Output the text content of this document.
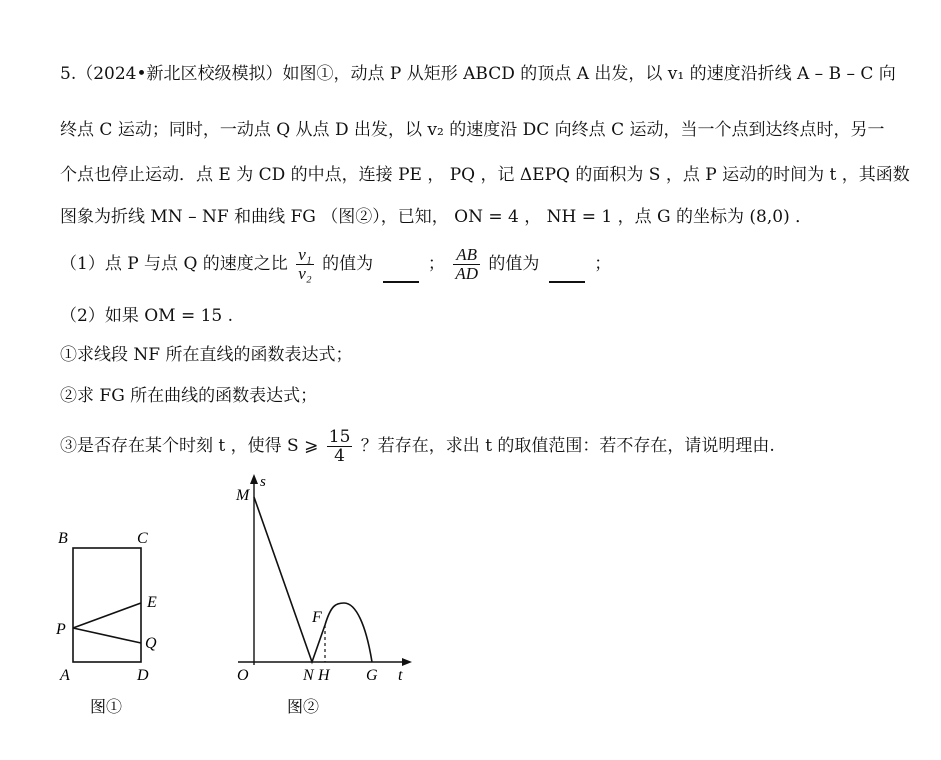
5.（2024•新北区校级模拟）如图①，动点 P 从矩形 ABCD 的顶点 A 出发，以 v₁ 的速度沿折线 A – B – C 向
终点 C 运动；同时，一动点 Q 从点 D 出发，以 v₂ 的速度沿 DC 向终点 C 运动，当一个点到达终点时，另一
个点也停止运动．点 E 为 CD 的中点，连接 PE ， PQ ，记 ΔEPQ 的面积为 S ，点 P 运动的时间为 t ，其函数
图象为折线 MN – NF 和曲线 FG （图②），已知， ON = 4 ， NH = 1 ，点 G 的坐标为 (8,0) ．
（1）点 P 与点 Q 的速度之比 $\frac{\text{v₁}}{\text{v₂}}$ 的值为	； $\frac{AB}{AD}$ 的值为	；
（2）如果 OM = 15 .
①求线段 NF 所在直线的函数表达式；
②求 FG 所在曲线的函数表达式；
③是否存在某个时刻 t ，使得 S ⩾ $\frac{15}{4}$ ？若存在，求出 t 的取值范围：若不存在，请说明理由.
B	C
E
P
Q
A	D
图①
M
s
F
O	N H G t
图②
